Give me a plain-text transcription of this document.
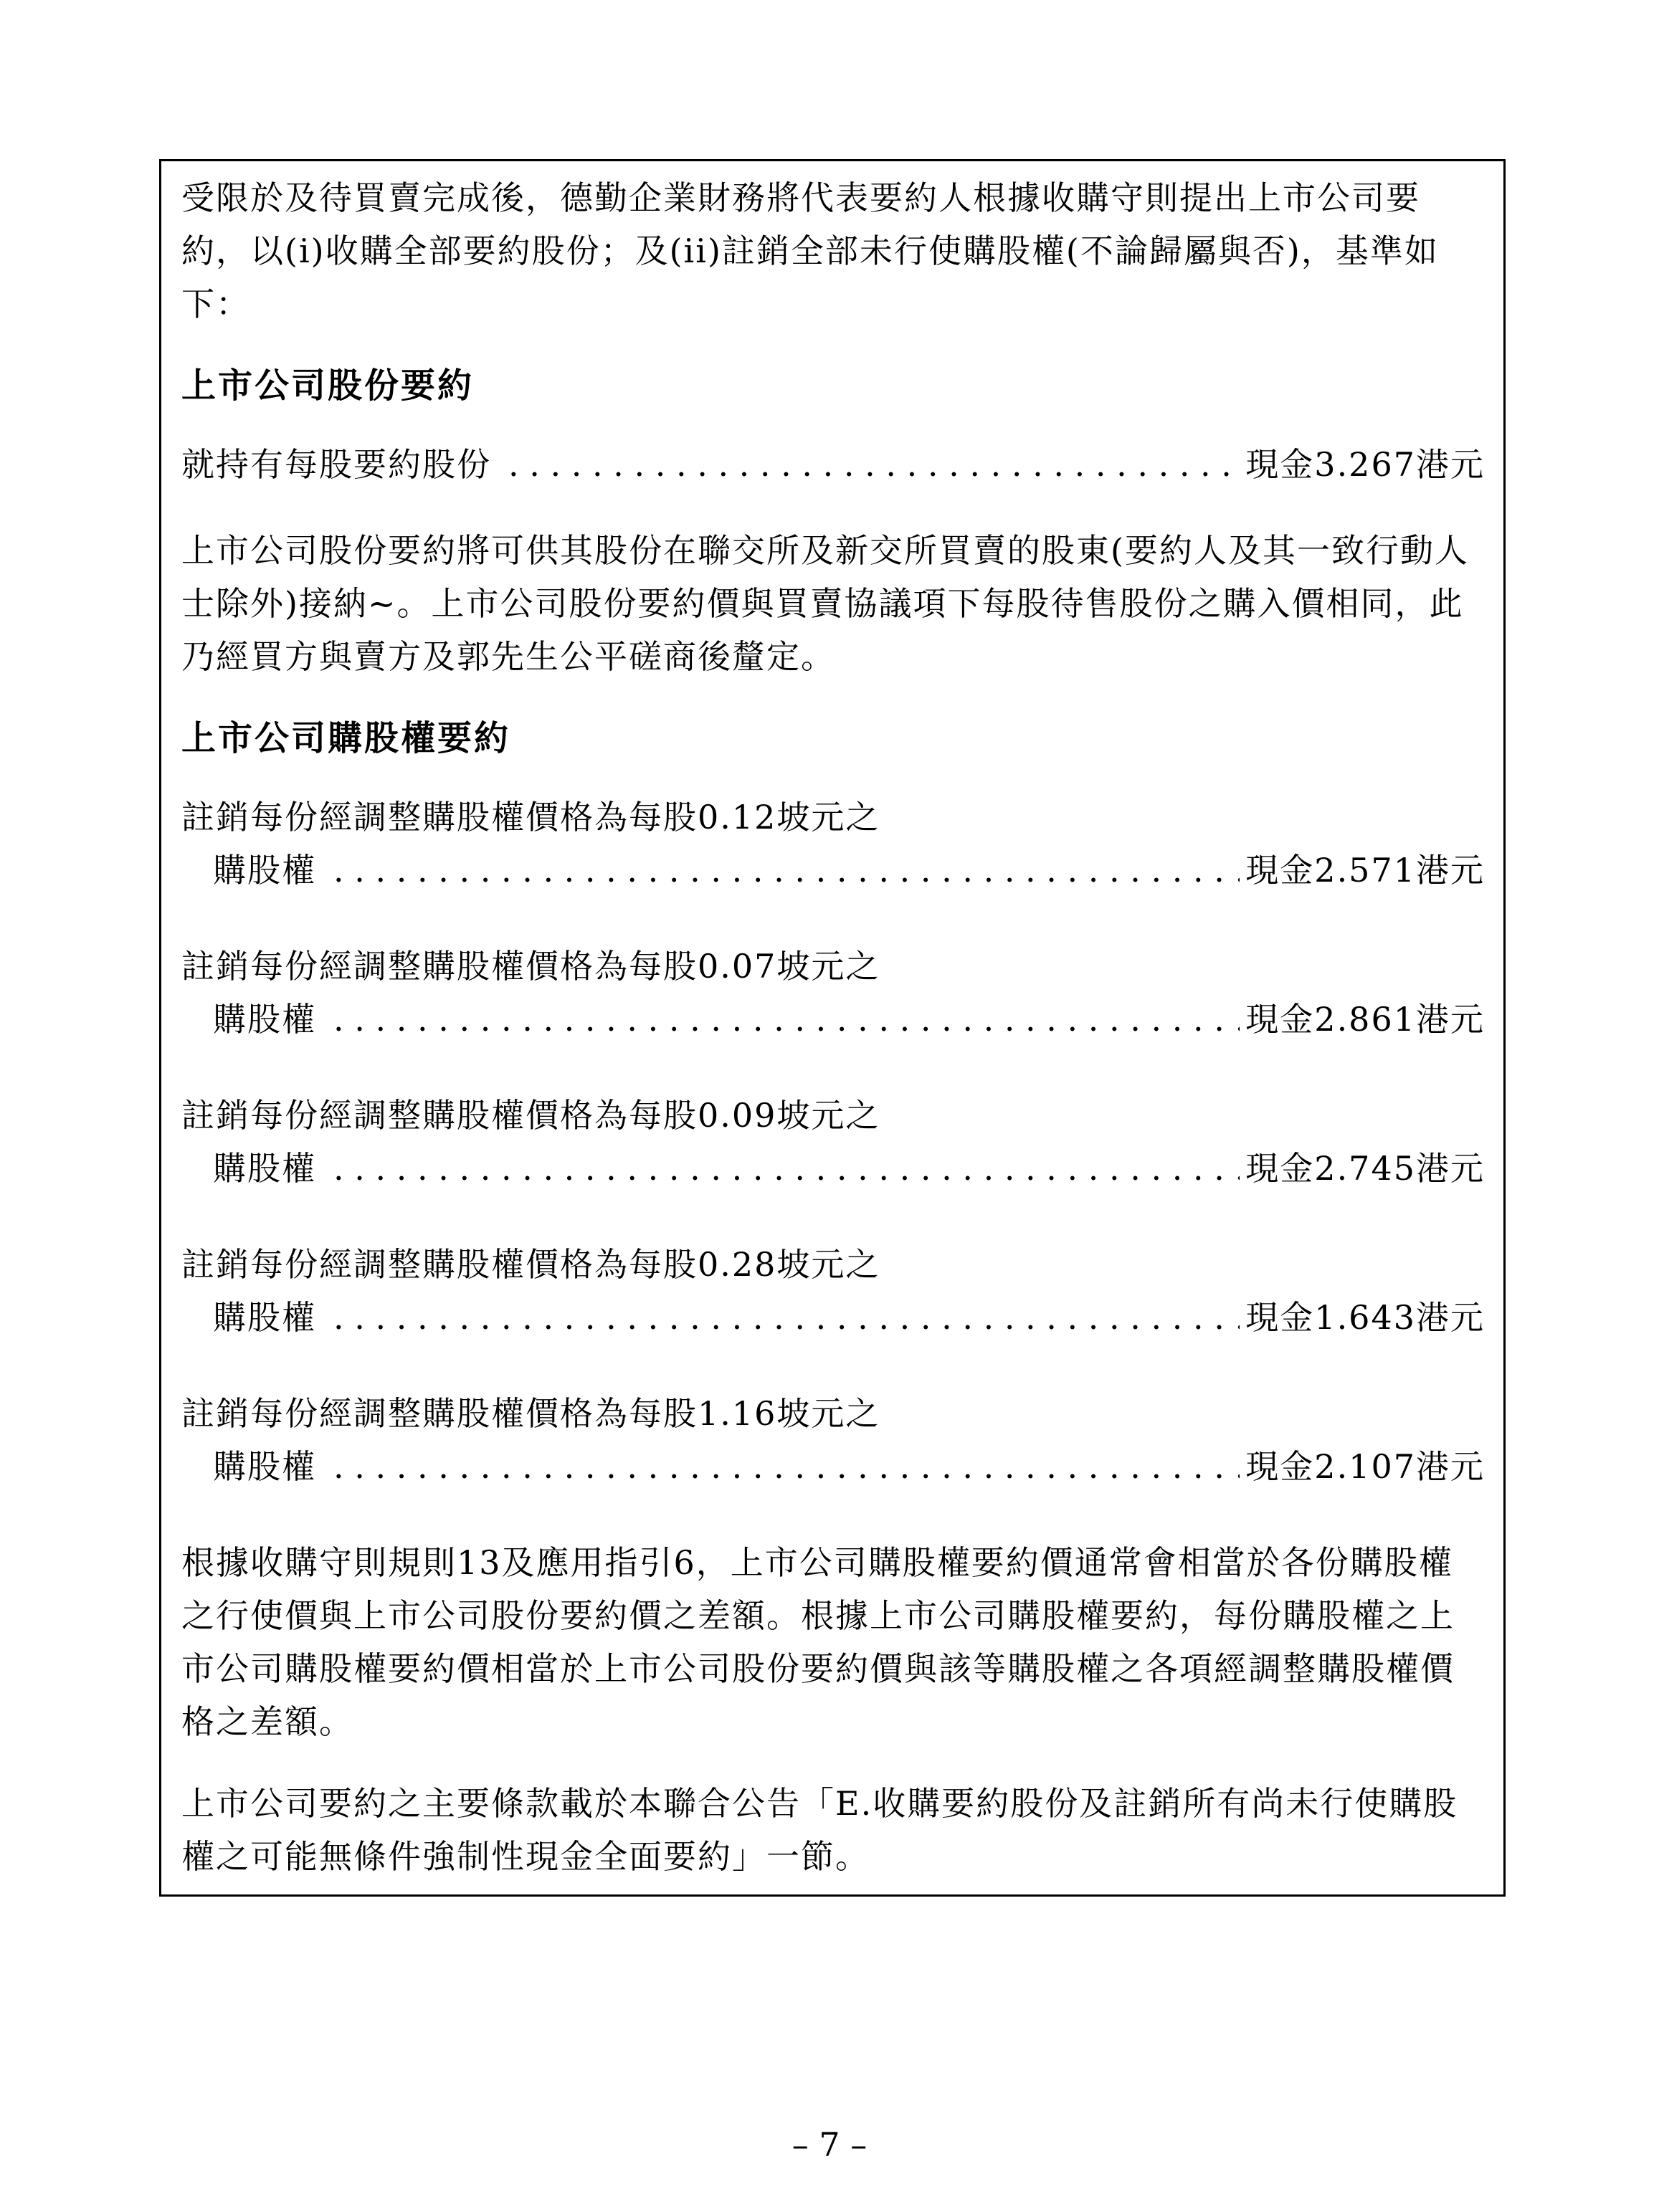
受限於及待買賣完成後，德勤企業財務將代表要約人根據收購守則提出上市公司要約，以(i)收購全部要約股份；及(ii)註銷全部未行使購股權(不論歸屬與否)，基準如下：

上市公司股份要約
就持有每股要約股份 . . .	現金3.267港元

上市公司股份要約將可供其股份在聯交所及新交所買賣的股東(要約人及其一致行動人士除外)接納~。上市公司股份要約價與買賣協議項下每股待售股份之購入價相同，此乃經買方與賣方及郭先生公平磋商後釐定。

上市公司購股權要約
註銷每份經調整購股權價格為每股0.12坡元之
購股權 . . .	現金2.571港元
註銷每份經調整購股權價格為每股0.07坡元之
購股權 . . .	現金2.861港元
註銷每份經調整購股權價格為每股0.09坡元之
購股權 . . .	現金2.745港元
註銷每份經調整購股權價格為每股0.28坡元之
購股權 . . .	現金1.643港元
註銷每份經調整購股權價格為每股1.16坡元之
購股權 . . .	現金2.107港元

根據收購守則規則13及應用指引6，上市公司購股權要約價通常會相當於各份購股權之行使價與上市公司股份要約價之差額。根據上市公司購股權要約，每份購股權之上市公司購股權要約價相當於上市公司股份要約價與該等購股權之各項經調整購股權價格之差額。

上市公司要約之主要條款載於本聯合公告「E.收購要約股份及註銷所有尚未行使購股權之可能無條件強制性現金全面要約」一節。

– 7 –
